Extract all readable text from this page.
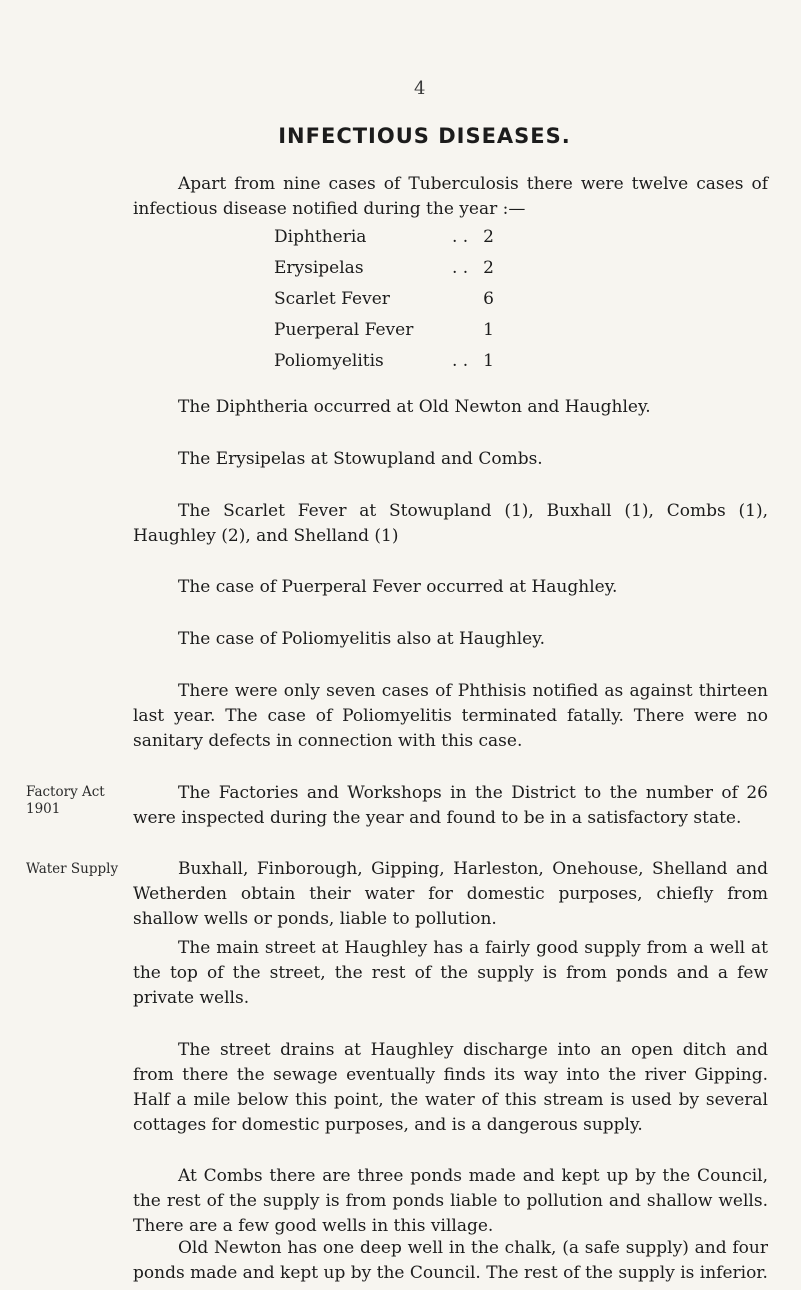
4
INFECTIOUS DISEASES.

Apart from nine cases of Tuberculosis there were twelve cases of infectious disease notified during the year :—

Diphtheria	. .	2
Erysipelas	. .	2
Scarlet Fever		6
Puerperal Fever		1
Poliomyelitis	. .	1

The Diphtheria occurred at Old Newton and Haughley.

The Erysipelas at Stowupland and Combs.

The Scarlet Fever at Stowupland (1), Buxhall (1), Combs (1), Haughley (2), and Shelland (1)

The case of Puerperal Fever occurred at Haughley.

The case of Poliomyelitis also at Haughley.

There were only seven cases of Phthisis notified as against thirteen last year. The case of Poliomyelitis terminated fatally. There were no sanitary defects in connection with this case.

Factory Act
1901

The Factories and Workshops in the District to the number of 26 were inspected during the year and found to be in a satisfactory state.

Water Supply	Buxhall, Finborough, Gipping, Harleston, Onehouse, Shelland and Wetherden obtain their water for domestic purposes, chiefly from shallow wells or ponds, liable to pollution.

The main street at Haughley has a fairly good supply from a well at the top of the street, the rest of the supply is from ponds and a few private wells.

The street drains at Haughley discharge into an open ditch and from there the sewage eventually finds its way into the river Gipping. Half a mile below this point, the water of this stream is used by several cottages for domestic purposes, and is a dangerous supply.

At Combs there are three ponds made and kept up by the Council, the rest of the supply is from ponds liable to pollution and shallow wells. There are a few good wells in this village.

Old Newton has one deep well in the chalk, (a safe supply) and four ponds made and kept up by the Council. The rest of the supply is inferior.
